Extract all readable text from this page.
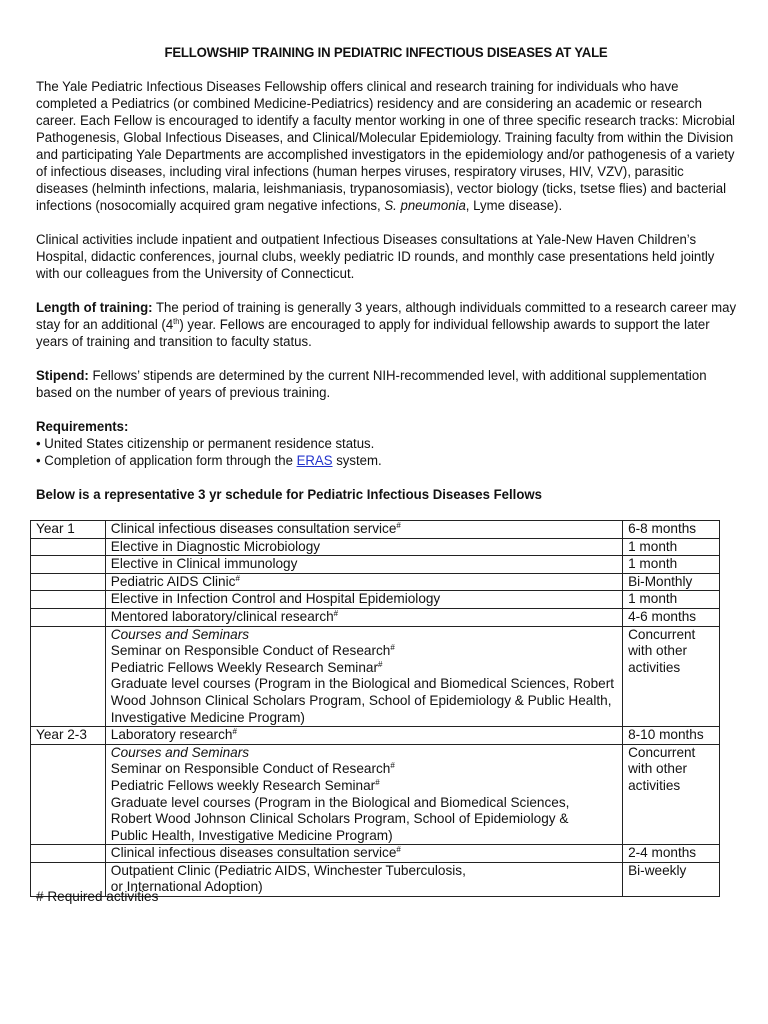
FELLOWSHIP TRAINING IN PEDIATRIC INFECTIOUS DISEASES AT YALE

The Yale Pediatric Infectious Diseases Fellowship offers clinical and research training for individuals who have completed a Pediatrics (or combined Medicine-Pediatrics) residency and are considering an academic or research career. Each Fellow is encouraged to identify a faculty mentor working in one of three specific research tracks: Microbial Pathogenesis, Global Infectious Diseases, and Clinical/Molecular Epidemiology. Training faculty from within the Division and participating Yale Departments are accomplished investigators in the epidemiology and/or pathogenesis of a variety of infectious diseases, including viral infections (human herpes viruses, respiratory viruses, HIV, VZV), parasitic diseases (helminth infections, malaria, leishmaniasis, trypanosomiasis), vector biology (ticks, tsetse flies) and bacterial infections (nosocomially acquired gram negative infections, S. pneumonia, Lyme disease).

Clinical activities include inpatient and outpatient Infectious Diseases consultations at Yale-New Haven Children’s Hospital, didactic conferences, journal clubs, weekly pediatric ID rounds, and monthly case presentations held jointly with our colleagues from the University of Connecticut.

Length of training: The period of training is generally 3 years, although individuals committed to a research career may stay for an additional (4th) year. Fellows are encouraged to apply for individual fellowship awards to support the later years of training and transition to faculty status.

Stipend: Fellows’ stipends are determined by the current NIH-recommended level, with additional supplementation based on the number of years of previous training.

Requirements:
• United States citizenship or permanent residence status.
• Completion of application form through the ERAS system.
Below is a representative 3 yr schedule for Pediatric Infectious Diseases Fellows
Year 1	Clinical infectious diseases consultation service#	6-8 months
	Elective in Diagnostic Microbiology	1 month
	Elective in Clinical immunology	1 month
	Pediatric AIDS Clinic#	Bi-Monthly
	Elective in Infection Control and Hospital Epidemiology	1 month
	Mentored laboratory/clinical research#	4-6 months

	Courses and Seminars
Seminar on Responsible Conduct of Research#
Pediatric Fellows Weekly Research Seminar#
Graduate level courses (Program in the Biological and Biomedical Sciences, Robert Wood Johnson Clinical Scholars Program, School of Epidemiology & Public Health, Investigative Medicine Program)	Concurrent with other activities
Year 2-3	Laboratory research#	8-10 months

	Courses and Seminars
Seminar on Responsible Conduct of Research#
Pediatric Fellows weekly Research Seminar#
Graduate level courses (Program in the Biological and Biomedical Sciences, Robert Wood Johnson Clinical Scholars Program, School of Epidemiology & Public Health, Investigative Medicine Program)	Concurrent with other activities
	Clinical infectious diseases consultation service#	2-4 months
	Outpatient Clinic (Pediatric AIDS, Winchester Tuberculosis, or International Adoption)	Bi-weekly
# Required activities
